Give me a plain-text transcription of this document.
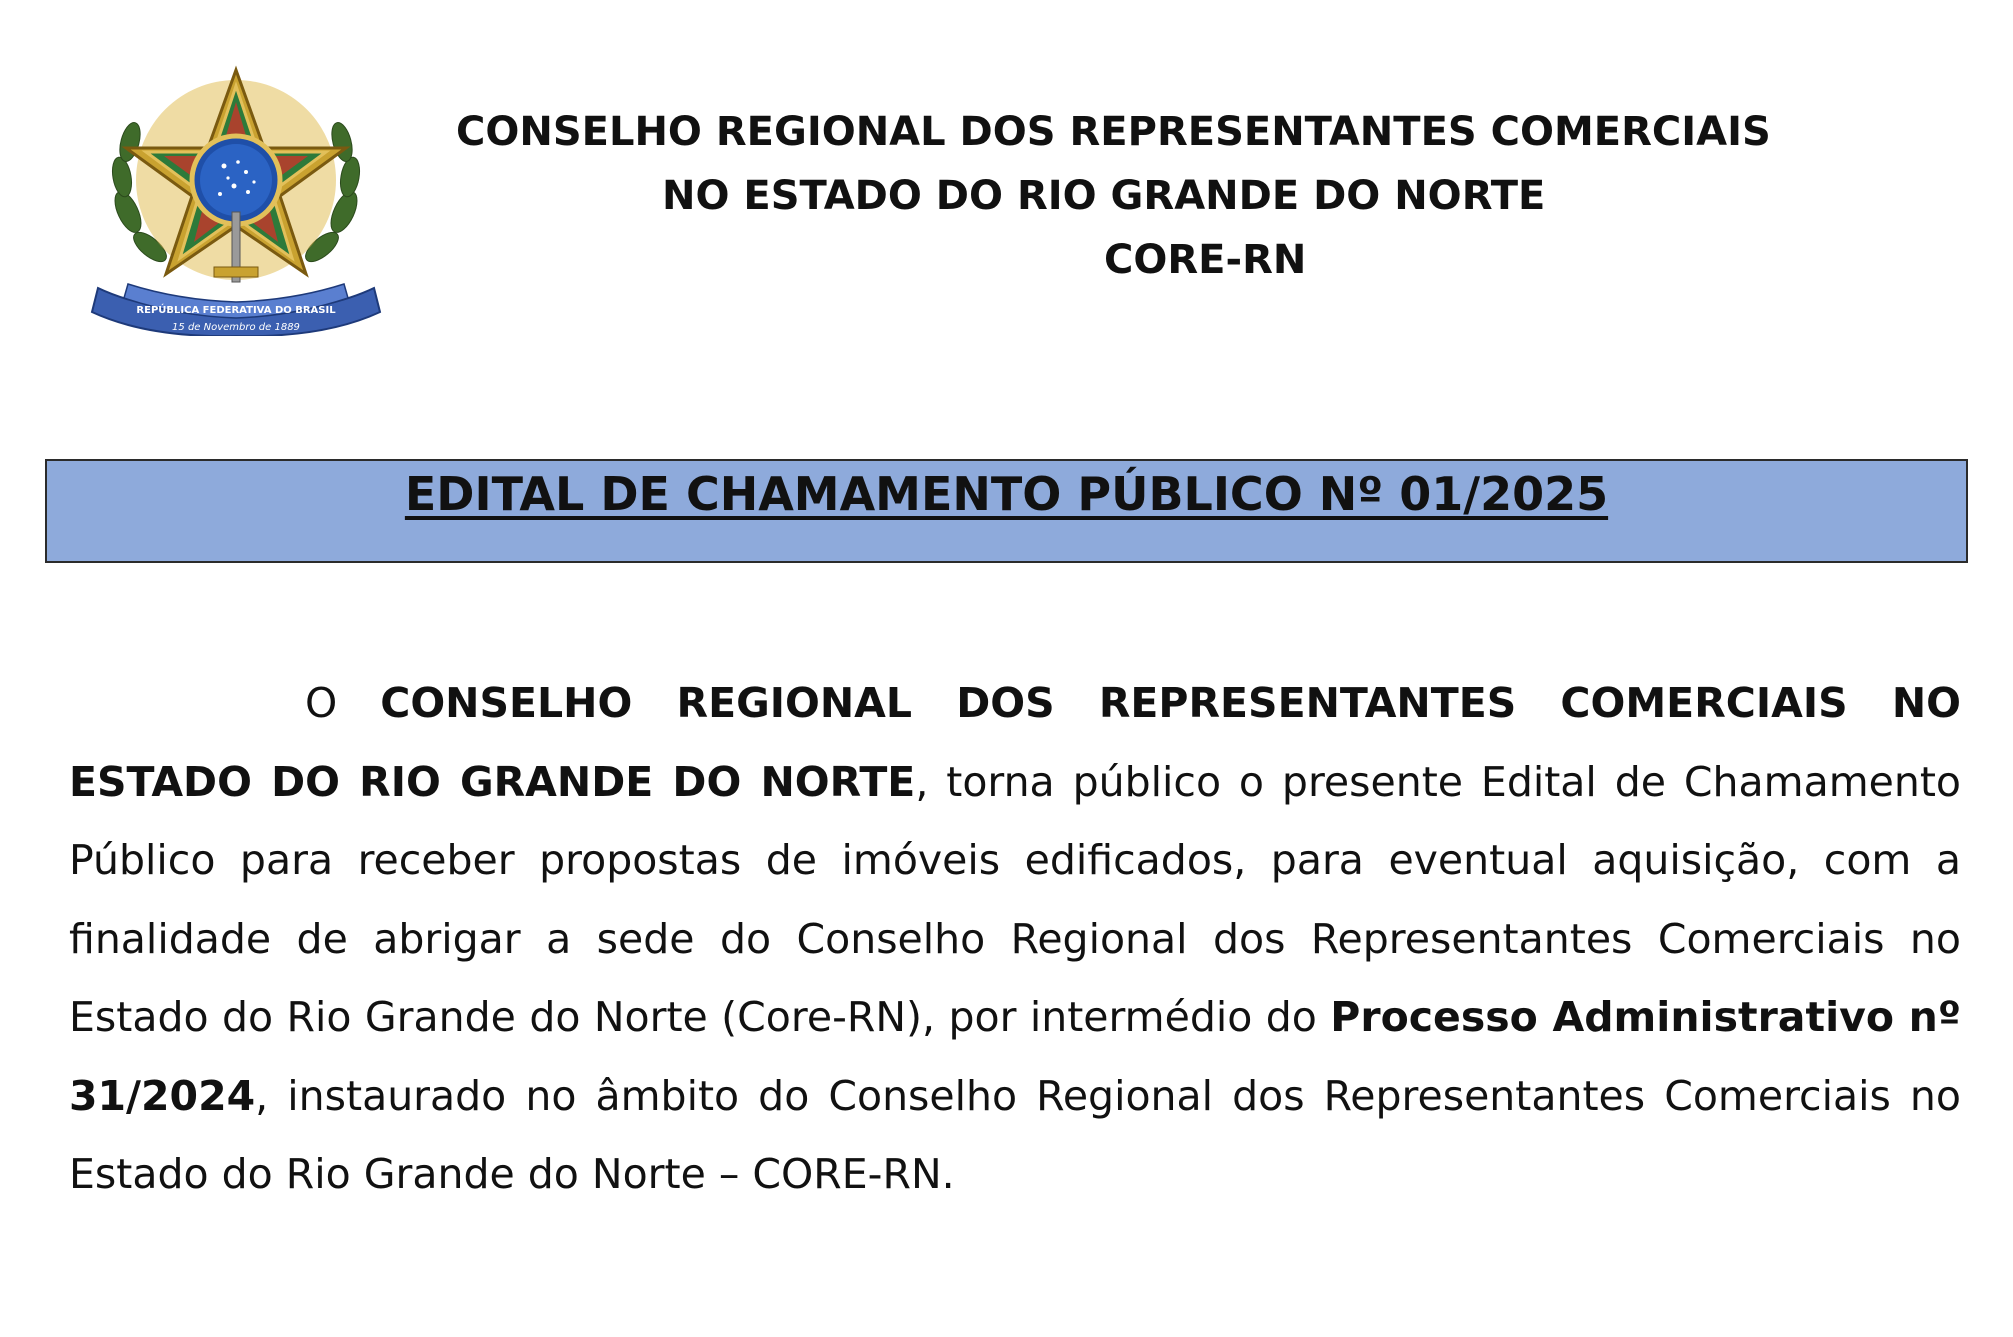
REPÚBLICA FEDERATIVA DO BRASIL
15 de Novembro de 1889
CONSELHO REGIONAL DOS REPRESENTANTES COMERCIAIS
NO ESTADO DO RIO GRANDE DO NORTE
CORE-RN
EDITAL DE CHAMAMENTO PÚBLICO Nº 01/2025

O CONSELHO REGIONAL DOS REPRESENTANTES COMERCIAIS NO ESTADO DO RIO GRANDE DO NORTE, torna público o presente Edital de Chamamento Público para receber propostas de imóveis edificados, para eventual aquisição, com a finalidade de abrigar a sede do Conselho Regional dos Representantes Comerciais no Estado do Rio Grande do Norte (Core-RN), por intermédio do Processo Administrativo nº 31/2024, instaurado no âmbito do Conselho Regional dos Representantes Comerciais no Estado do Rio Grande do Norte – CORE-RN.
